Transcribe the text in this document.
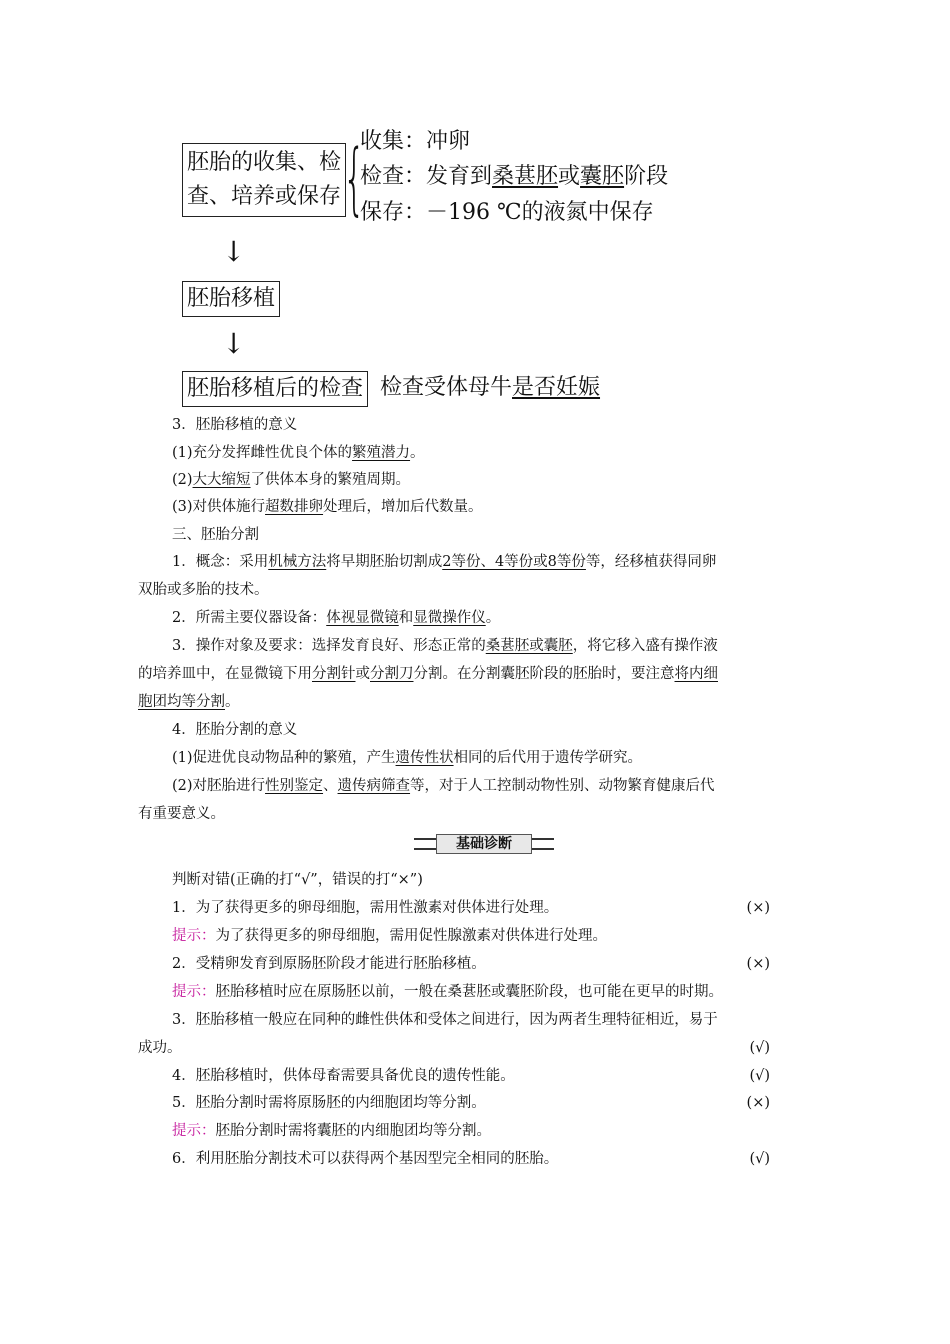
胚胎的收集、检
查、培养或保存 {
收集：冲卵
检查：发育到桑葚胚或囊胚阶段
保存：－196 ℃的液氮中保存
↓
胚胎移植
↓
胚胎移植后的检查 检查受体母牛是否妊娠
3．胚胎移植的意义
(1)充分发挥雌性优良个体的繁殖潜力。
(2)大大缩短了供体本身的繁殖周期。
(3)对供体施行超数排卵处理后，增加后代数量。
三、胚胎分割
1．概念：采用机械方法将早期胚胎切割成2等份、4等份或8等份等，经移植获得同卵
双胎或多胎的技术。
2．所需主要仪器设备：体视显微镜和显微操作仪。
3．操作对象及要求：选择发育良好、形态正常的桑葚胚或囊胚，将它移入盛有操作液
的培养皿中，在显微镜下用分割针或分割刀分割。在分割囊胚阶段的胚胎时，要注意将内细
胞团均等分割。
4．胚胎分割的意义
(1)促进优良动物品种的繁殖，产生遗传性状相同的后代用于遗传学研究。
(2)对胚胎进行性别鉴定、遗传病筛查等，对于人工控制动物性别、动物繁育健康后代
有重要意义。
基础诊断
判断对错(正确的打“√”，错误的打“×”)
1．为了获得更多的卵母细胞，需用性激素对供体进行处理。	(×)
提示：为了获得更多的卵母细胞，需用促性腺激素对供体进行处理。
2．受精卵发育到原肠胚阶段才能进行胚胎移植。	(×)
提示：胚胎移植时应在原肠胚以前，一般在桑葚胚或囊胚阶段，也可能在更早的时期。
3．胚胎移植一般应在同种的雌性供体和受体之间进行，因为两者生理特征相近，易于
成功。	(√)
4．胚胎移植时，供体母畜需要具备优良的遗传性能。	(√)
5．胚胎分割时需将原肠胚的内细胞团均等分割。	(×)
提示：胚胎分割时需将囊胚的内细胞团均等分割。
6．利用胚胎分割技术可以获得两个基因型完全相同的胚胎。	(√)
